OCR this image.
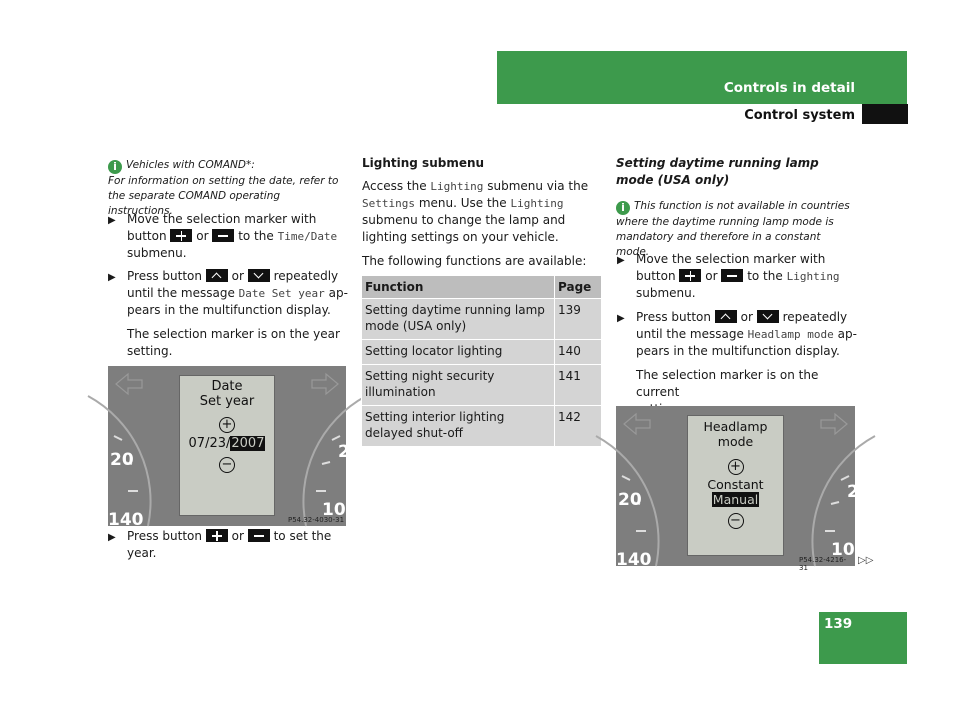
Controls in detail
Control system
i Vehicles with COMAND*:
For information on setting the date, refer to the separate COMAND operating instructions.
▶ Move the selection marker with
button or to the Time/Date
submenu.
▶ Press button or repeatedly
until the message Date Set year ap-
pears in the multifunction display.
The selection marker is on the year
setting.
20
140	10
2
Date
Set year
+
07/23/2007
−
P54.32-4030-31
▶ Press button or to set the
year.
Lighting submenu
Access the Lighting submenu via the
Settings menu. Use the Lighting submenu to change the lamp and lighting settings on your vehicle.
The following functions are available:
Function	Page
Setting daytime running lamp mode (USA only)	139
Setting locator lighting	140
Setting night security illumination	141
Setting interior lighting delayed shut-off	142
Setting daytime running lamp mode (USA only)
i This function is not available in countries where the daytime running lamp mode is mandatory and therefore in a constant mode.
▶ Move the selection marker with
button or to the Lighting
submenu.
▶ Press button or repeatedly
until the message Headlamp mode ap-
pears in the multifunction display.
The selection marker is on the current

20
140	10
2
Headlamp
mode
+
Constant
Manual
−
P54.32-4216-31
▷▷
139
